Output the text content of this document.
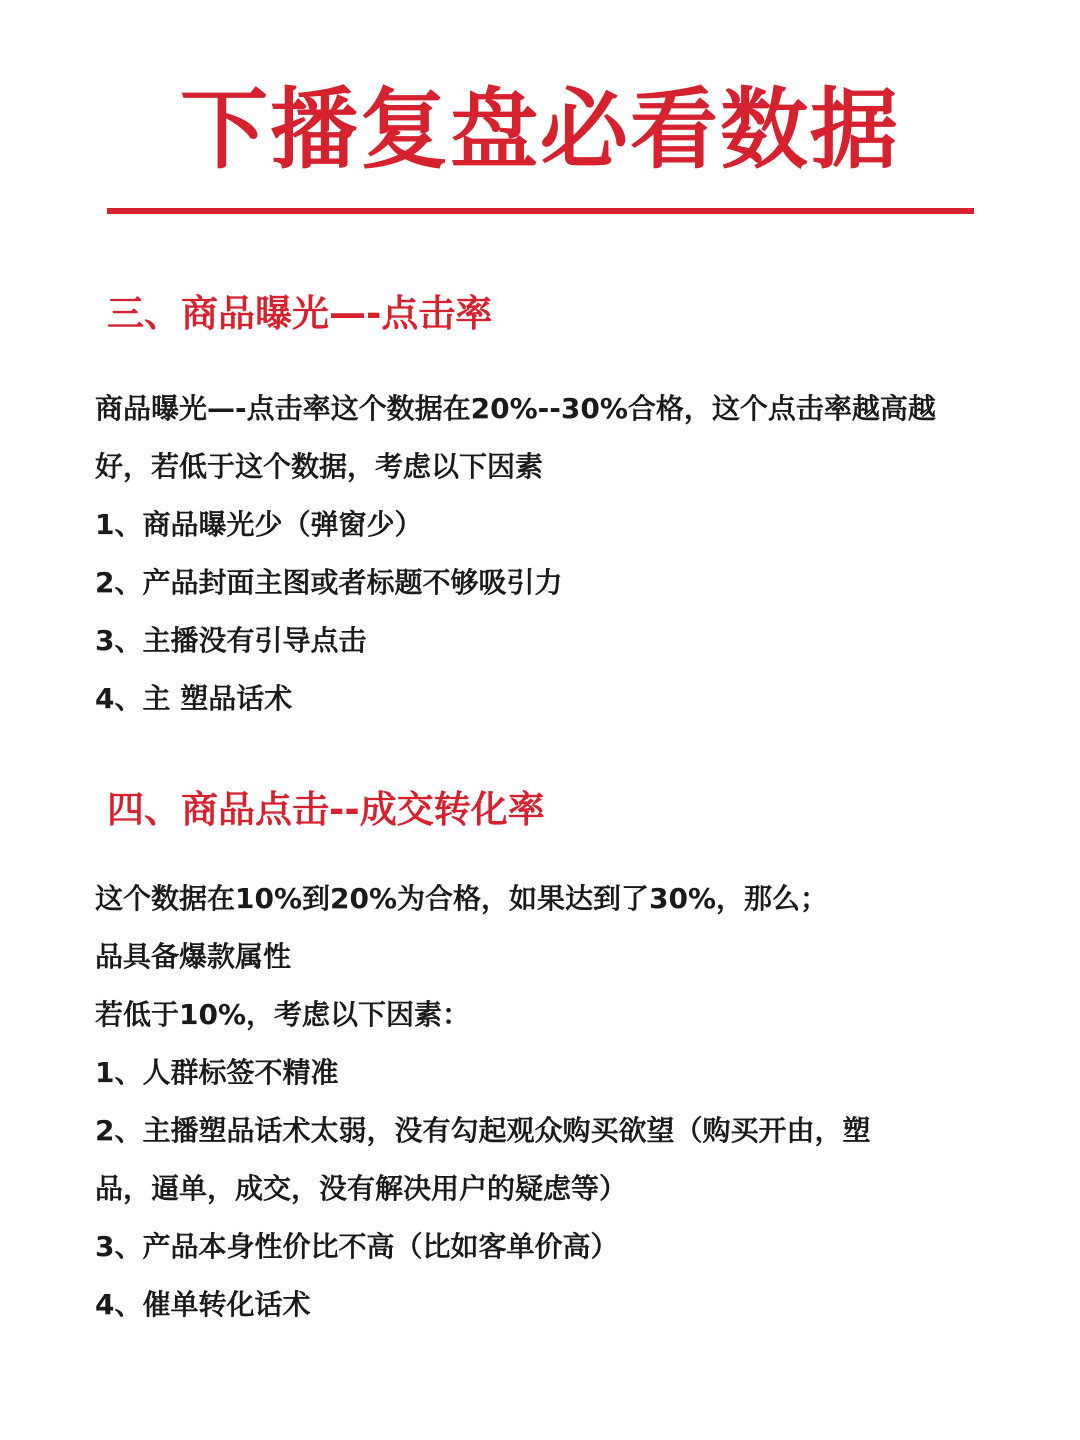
下播复盘必看数据
三、商品曝光—-点击率

商品曝光—-点击率这个数据在20%--30%合格，这个点击率越高越

好，若低于这个数据，考虑以下因素

1、商品曝光少（弹窗少）

2、产品封面主图或者标题不够吸引力

3、主播没有引导点击

4、主 塑品话术

四、商品点击--成交转化率

这个数据在10%到20%为合格，如果达到了30%，那么；

品具备爆款属性

若低于10%，考虑以下因素：

1、人群标签不精准

2、主播塑品话术太弱，没有勾起观众购买欲望（购买开由，塑

品，逼单，成交，没有解决用户的疑虑等）

3、产品本身性价比不高（比如客单价高）

4、催单转化话术
